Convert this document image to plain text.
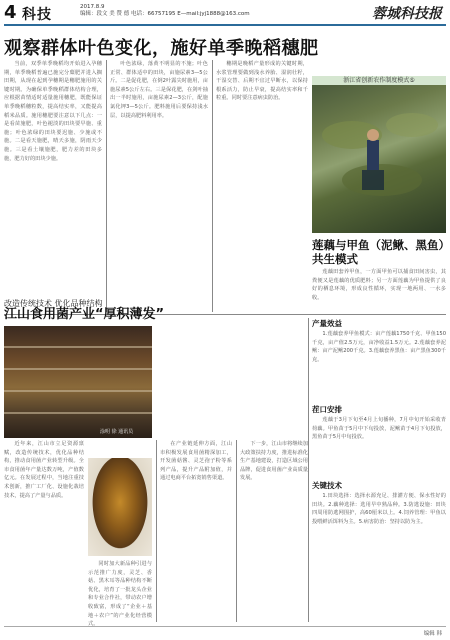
4 科技	2017.8.9
编辑：段文 美 赞 德 电话：66757195 E—mail:jyj1888@163.com	蓉城科技报
观察群体叶色变化，施好单季晚稻穗肥

当前，双季单季晚稻均开始进入孕穗期，单季晚稻普遍已施完分蘖肥并进入搁田期，从现在起到孕穗期是穗肥施用的关键时期。为确保单季晚稻群体结构合理，应根据苗情适时适量施用穗肥，既能保证单季晚稻穗粒数，提高结实率，又能提高稻米品质。施用穗肥要注意以下几点：一是看苗施肥，叶色褪淡的田块要早施、重施；叶色浓绿的田块要迟施、少施或不施。二是看天施肥，晴天多施，阴雨天少施。三是看土壤施肥，肥力差的田块多施，肥力好的田块少施。

叶色浓绿，落黄不明显的不施；叶色正常、群体适中的田块，亩施尿素3—5公斤。二是促花肥，在倒2叶露尖时施用，亩施尿素5公斤左右。三是保花肥，在剑叶抽出一半时施用，亩施尿素2—3公斤，配施氯化钾3—5公斤。肥料施用后要保持浅水层，以提高肥料利用率。

穗期是晚稻产量形成的关键时期，水浆管理要做到浅水养胎、湿润壮籽，干湿交替、后期不宜过早断水，以保持根系活力，防止早衰，提高结实率和千粒重。同时要注意病虫防治。

浙江省创新农作制度模式⑤
莲藕与甲鱼（泥鳅、黑鱼）共生模式

莲藕田套养甲鱼，一方面甲鱼可以捕食田间害虫，其粪便又是莲藕的优质肥料；另一方面莲藕为甲鱼提供了良好的栖息环境，形成良性循环，实现一地两用、一水多收。

近年来，江山市立足资源禀赋，改造传统技术，优化品种结构，推动食用菌产业转型升级。全市食用菌年产量达数万吨，产值数亿元。在发展过程中，当地注重技术创新，推广工厂化、设施化栽培技术，提高了产量与品质。

同时加大新品种引进与示范推广力度，灵芝、香菇、黑木耳等品种结构不断优化，培育了一批龙头企业和专业合作社，带动农户增收致富，形成了“企业＋基地＋农户”的产业化经营模式。

在产业链延伸方面，江山市积极发展食用菌精深加工，开发菌菇酱、灵芝孢子粉等系列产品，提升产品附加值，并通过电商平台拓宽销售渠道。

下一步，江山市将继续加大政策扶持力度，推进标准化生产基地建设，打造区域公用品牌，促进食用菌产业高质量发展。

产量效益

1.莲藕套养甲鱼模式：亩产莲藕1750千克、甲鱼150千克，亩产值2.5万元，亩净收益1.5万元。2.莲藕套养泥鳅：亩产泥鳅200千克。3.莲藕套养黑鱼：亩产黑鱼300千克。

茬口安排

莲藕于3月下旬至4月上旬播种，7月中旬开始采收青荷藕。甲鱼苗于5月中下旬投放，泥鳅苗于4月下旬投放，黑鱼苗于5月中旬投放。

关键技术

1.田块选择：选择水源充足、排灌方便、保水性好的田块。2.藕种选择：选用早中熟品种。3.防逃设施：田块四周用防逃网围护，高60厘米以上。4.饲养管理：甲鱼以投喂鲜活饵料为主。5.病害防治：坚持以防为主。

编辑 韩
改造传统技术 优化品种结构
江山食用菌产业“厚积薄发”
涂明 徐 通讯员
